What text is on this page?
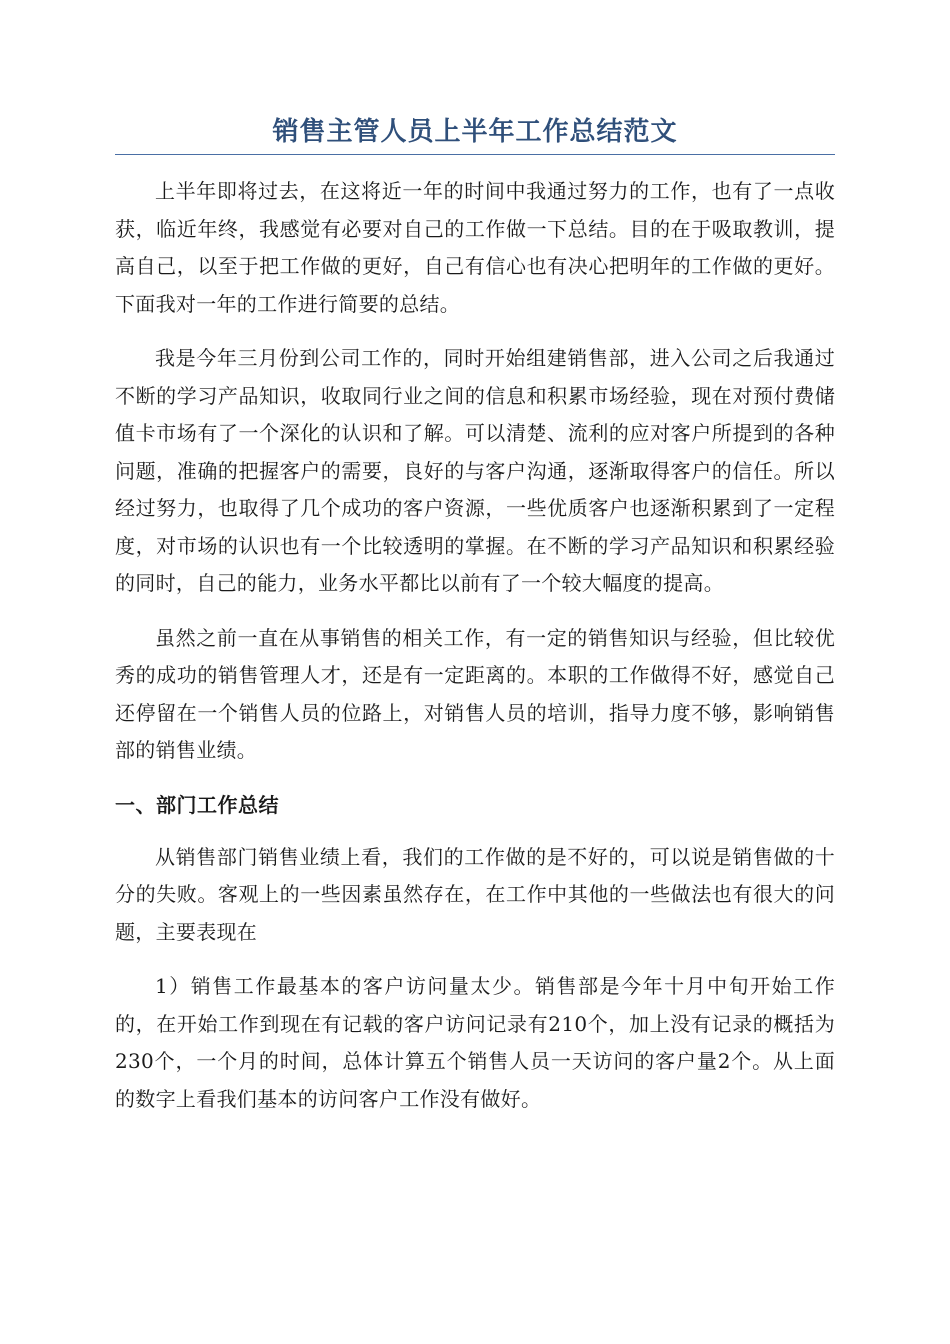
销售主管人员上半年工作总结范文

上半年即将过去，在这将近一年的时间中我通过努力的工作，也有了一点收获，临近年终，我感觉有必要对自己的工作做一下总结。目的在于吸取教训，提高自己，以至于把工作做的更好，自己有信心也有决心把明年的工作做的更好。下面我对一年的工作进行简要的总结。

我是今年三月份到公司工作的，同时开始组建销售部，进入公司之后我通过不断的学习产品知识，收取同行业之间的信息和积累市场经验，现在对预付费储值卡市场有了一个深化的认识和了解。可以清楚、流利的应对客户所提到的各种问题，准确的把握客户的需要，良好的与客户沟通，逐渐取得客户的信任。所以经过努力，也取得了几个成功的客户资源，一些优质客户也逐渐积累到了一定程度，对市场的认识也有一个比较透明的掌握。在不断的学习产品知识和积累经验的同时，自己的能力，业务水平都比以前有了一个较大幅度的提高。

虽然之前一直在从事销售的相关工作，有一定的销售知识与经验，但比较优秀的成功的销售管理人才，还是有一定距离的。本职的工作做得不好，感觉自己还停留在一个销售人员的位路上，对销售人员的培训，指导力度不够，影响销售部的销售业绩。

一、部门工作总结

从销售部门销售业绩上看，我们的工作做的是不好的，可以说是销售做的十分的失败。客观上的一些因素虽然存在，在工作中其他的一些做法也有很大的问题，主要表现在

1）销售工作最基本的客户访问量太少。销售部是今年十月中旬开始工作的，在开始工作到现在有记载的客户访问记录有210个，加上没有记录的概括为230个，一个月的时间，总体计算五个销售人员一天访问的客户量2个。从上面的数字上看我们基本的访问客户工作没有做好。
